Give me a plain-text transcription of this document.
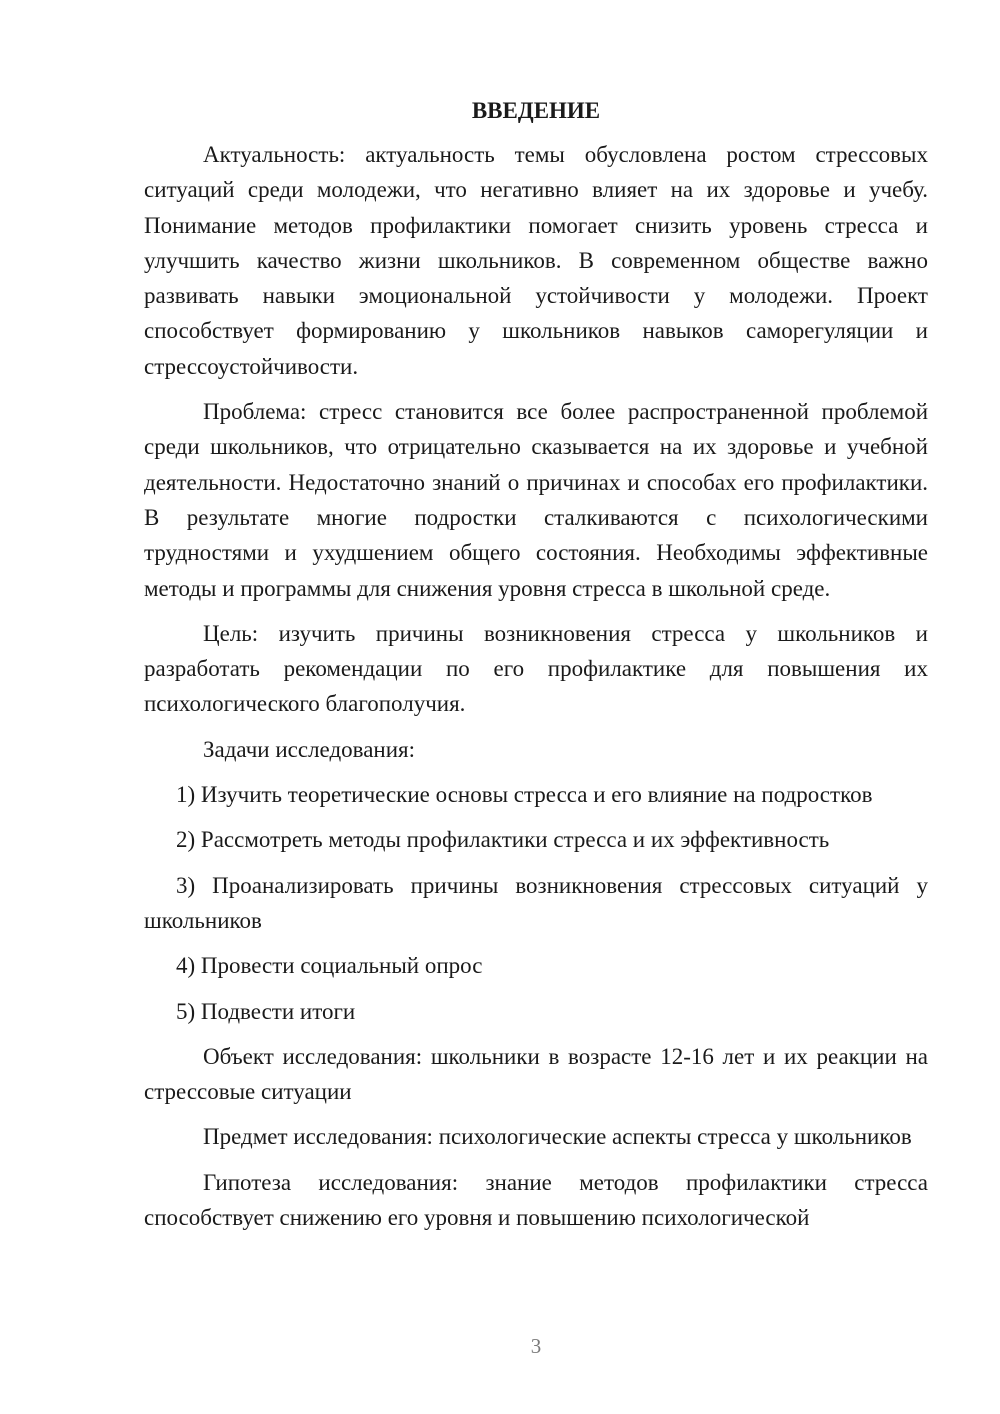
ВВЕДЕНИЕ

Актуальность: актуальность темы обусловлена ростом стрессовых ситуаций среди молодежи, что негативно влияет на их здоровье и учебу. Понимание методов профилактики помогает снизить уровень стресса и улучшить качество жизни школьников. В современном обществе важно развивать навыки эмоциональной устойчивости у молодежи. Проект способствует формированию у школьников навыков саморегуляции и стрессоустойчивости.

Проблема: стресс становится все более распространенной проблемой среди школьников, что отрицательно сказывается на их здоровье и учебной деятельности. Недостаточно знаний о причинах и способах его профилактики. В результате многие подростки сталкиваются с психологическими трудностями и ухудшением общего состояния. Необходимы эффективные методы и программы для снижения уровня стресса в школьной среде.

Цель: изучить причины возникновения стресса у школьников и разработать рекомендации по его профилактике для повышения их психологического благополучия.

Задачи исследования:

1) Изучить теоретические основы стресса и его влияние на подростков

2) Рассмотреть методы профилактики стресса и их эффективность

3) Проанализировать причины возникновения стрессовых ситуаций у школьников

4) Провести социальный опрос

5) Подвести итоги

Объект исследования: школьники в возрасте 12-16 лет и их реакции на стрессовые ситуации

Предмет исследования: психологические аспекты стресса у школьников

Гипотеза исследования: знание методов профилактики стресса способствует снижению его уровня и повышению психологической

3
